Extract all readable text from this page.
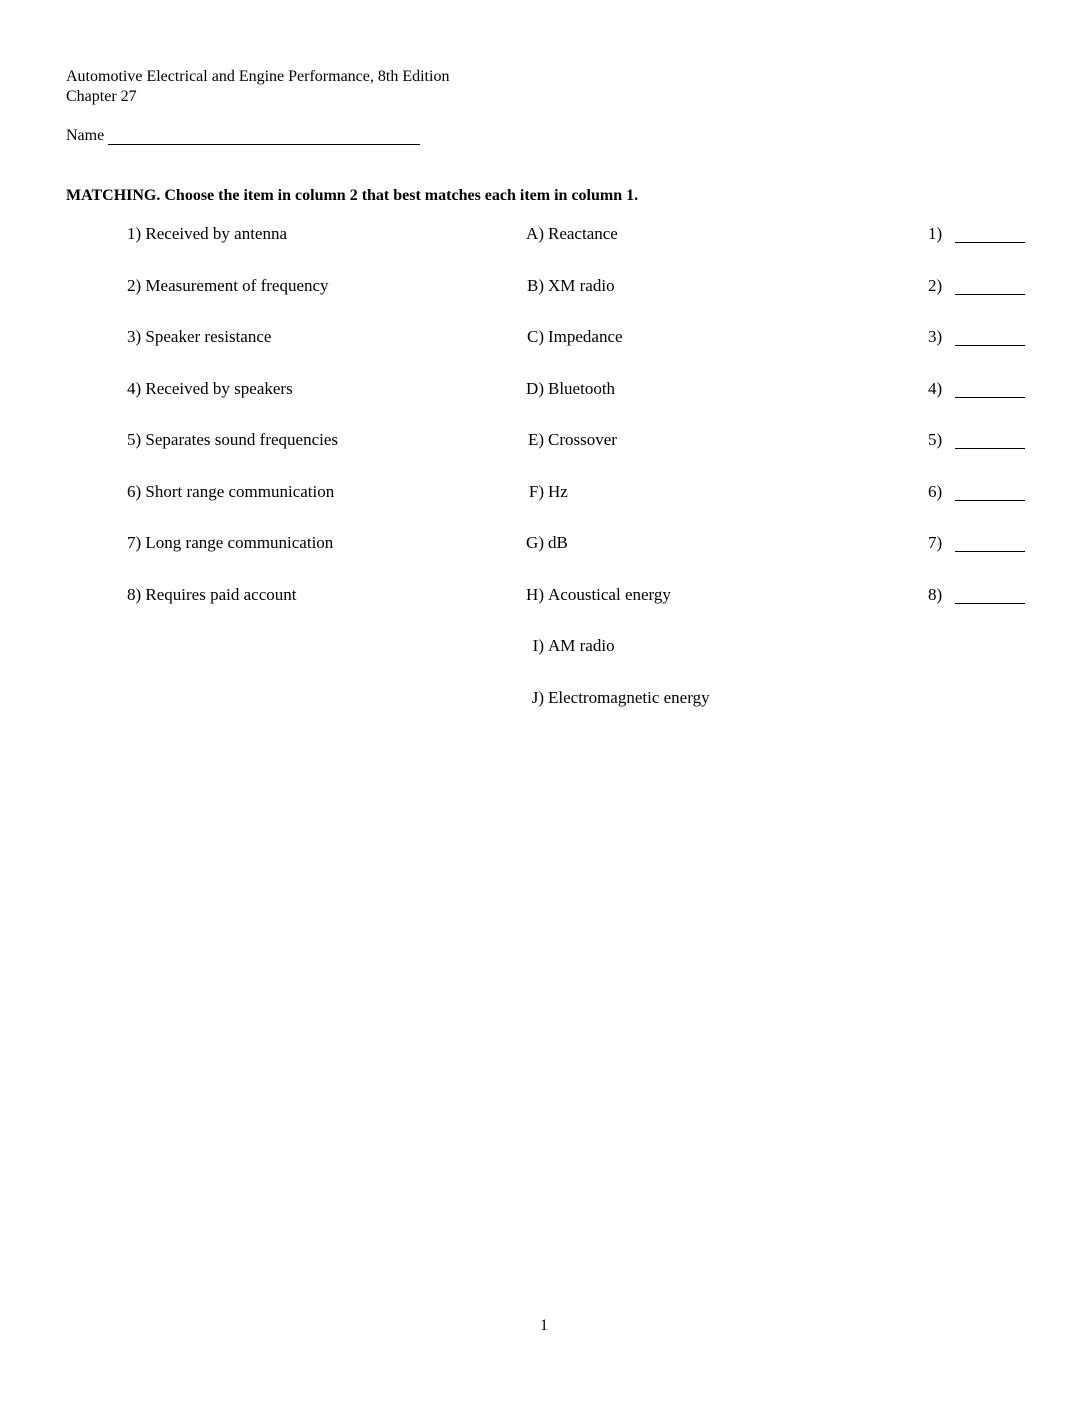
Automotive Electrical and Engine Performance, 8th Edition
Chapter 27
Name
MATCHING. Choose the item in column 2 that best matches each item in column 1.
1) Received by antenna
2) Measurement of frequency
3) Speaker resistance
4) Received by speakers
5) Separates sound frequencies
6) Short range communication
7) Long range communication
8) Requires paid account
A) Reactance
B) XM radio
C) Impedance
D) Bluetooth
E) Crossover
F) Hz
G) dB
H) Acoustical energy
I) AM radio
J) Electromagnetic energy
1)
2)
3)
4)
5)
6)
7)
8)
1
